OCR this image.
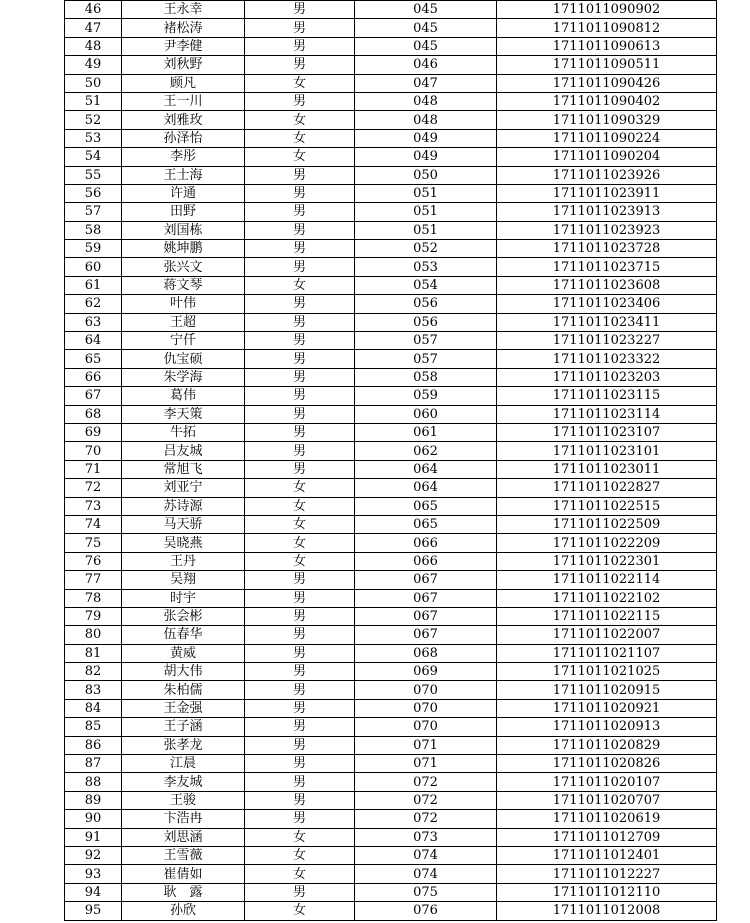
46	王永幸	男	045	1711011090902
47	褚松涛	男	045	1711011090812
48	尹李健	男	045	1711011090613
49	刘秋野	男	046	1711011090511
50	顾凡	女	047	1711011090426
51	王一川	男	048	1711011090402
52	刘雅玫	女	048	1711011090329
53	孙泽怡	女	049	1711011090224
54	李彤	女	049	1711011090204
55	王士海	男	050	1711011023926
56	许通	男	051	1711011023911
57	田野	男	051	1711011023913
58	刘国栋	男	051	1711011023923
59	姚坤鹏	男	052	1711011023728
60	张兴文	男	053	1711011023715
61	蒋文琴	女	054	1711011023608
62	叶伟	男	056	1711011023406
63	王超	男	056	1711011023411
64	宁仟	男	057	1711011023227
65	仇宝硕	男	057	1711011023322
66	朱学海	男	058	1711011023203
67	葛伟	男	059	1711011023115
68	李天策	男	060	1711011023114
69	牛拓	男	061	1711011023107
70	吕友城	男	062	1711011023101
71	常旭飞	男	064	1711011023011
72	刘亚宁	女	064	1711011022827
73	苏诗源	女	065	1711011022515
74	马天骄	女	065	1711011022509
75	吴晓燕	女	066	1711011022209
76	王丹	女	066	1711011022301
77	吴翔	男	067	1711011022114
78	时宇	男	067	1711011022102
79	张会彬	男	067	1711011022115
80	伍春华	男	067	1711011022007
81	黄威	男	068	1711011021107
82	胡大伟	男	069	1711011021025
83	朱柏儒	男	070	1711011020915
84	王金强	男	070	1711011020921
85	王子涵	男	070	1711011020913
86	张孝龙	男	071	1711011020829
87	江晨	男	071	1711011020826
88	李友城	男	072	1711011020107
89	王骏	男	072	1711011020707
90	卞浩冉	男	072	1711011020619
91	刘思涵	女	073	1711011012709
92	王雪薇	女	074	1711011012401
93	崔倩如	女	074	1711011012227
94	耿　露	男	075	1711011012110
95	孙欣	女	076	1711011012008
